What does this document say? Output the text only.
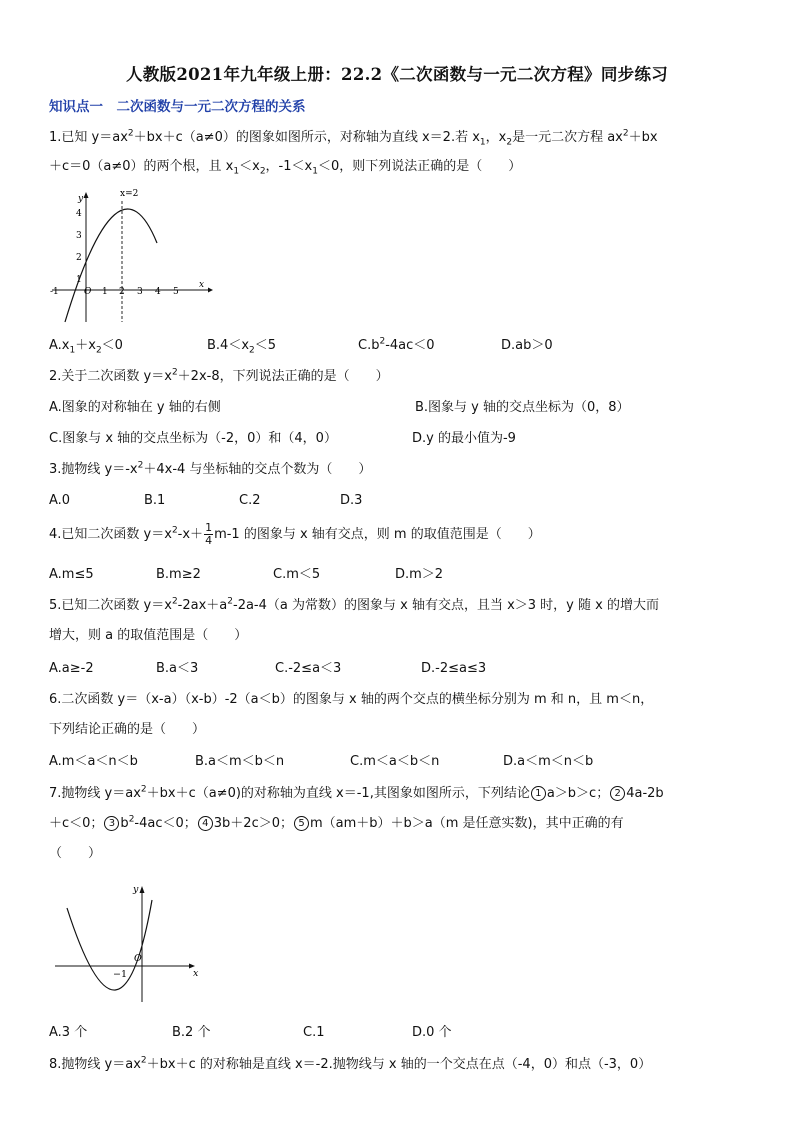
人教版2021年九年级上册：22.2《二次函数与一元二次方程》同步练习
知识点一　二次函数与一元二次方程的关系
1.已知 $y=ax^2+bx+c(a\ne 0)$的图象如图所示，对称轴为直线 x＝2.若 $x_1$，$x_2$是一元二次方程 $ax^2+bx$
＋c＝0（a≠0）的两个根，且 $x_1<x_2$，$-1<x_1<0$，则下列说法正确的是（　　）
y
x
x=2
4
3
2
1
-1	O 1 2 3 4 5
$A.x_1+x_2<0$	$B.4<x_2<5$	$C.b^2-4ac<0$	D.ab＞0
2.关于二次函数 $y=x^2+2x-8$，下列说法正确的是（　　）
A.图象的对称轴在 y 轴的右侧	B.图象与 y 轴的交点坐标为（0，8）
C.图象与 x 轴的交点坐标为（-2，0）和（4，0）	D.y 的最小值为-9
3.抛物线 $y=-x^2+4x-4$ 与坐标轴的交点个数为（　　）
A.0	B.1	C.2	D.3
4.已知二次函数 $y=x^2-x+ \frac{1}{4} m-1$ 的图象与 x 轴有交点，则 m 的取值范围是（　　）
A.m≤5	B.m≥2	C.m＜5	D.m＞2
5.已知二次函数 $y=x^2-2ax+a^2-2a-4(a$ 为常数）的图象与 x 轴有交点，且当 x＞3 时，y 随 x 的增大而
增大，则 a 的取值范围是（　　）
A.a≥-2	B.a＜3	C.-2≤a＜3	D.-2≤a≤3
6.二次函数 y＝（x-a）（x-b）-2（a＜b）的图象与 x 轴的两个交点的横坐标分别为 m 和 n，且 m＜n，
下列结论正确的是（　　）
A.m＜a＜n＜b	B.a＜m＜b＜n	C.m＜a＜b＜n	D.a＜m＜n＜b
7.抛物线 $y=ax^2+bx+c(a\ne 0)$的对称轴为直线 x＝-1,其图象如图所示，下列结论 1 a＞b＞c； 2 4a-2b
＋c＜0； 3 $b^2-4ac<0$； 4 3b＋2c＞0； 5 m（am＋b）＋b＞a（m 是任意实数)，其中正确的有
（　　）
y
x
O
−1
A.3 个	B.2 个	C.1	D.0 个
8.抛物线 $y=ax^2+bx+c$ 的对称轴是直线 x＝-2.抛物线与 x 轴的一个交点在点（-4，0）和点（-3，0）
